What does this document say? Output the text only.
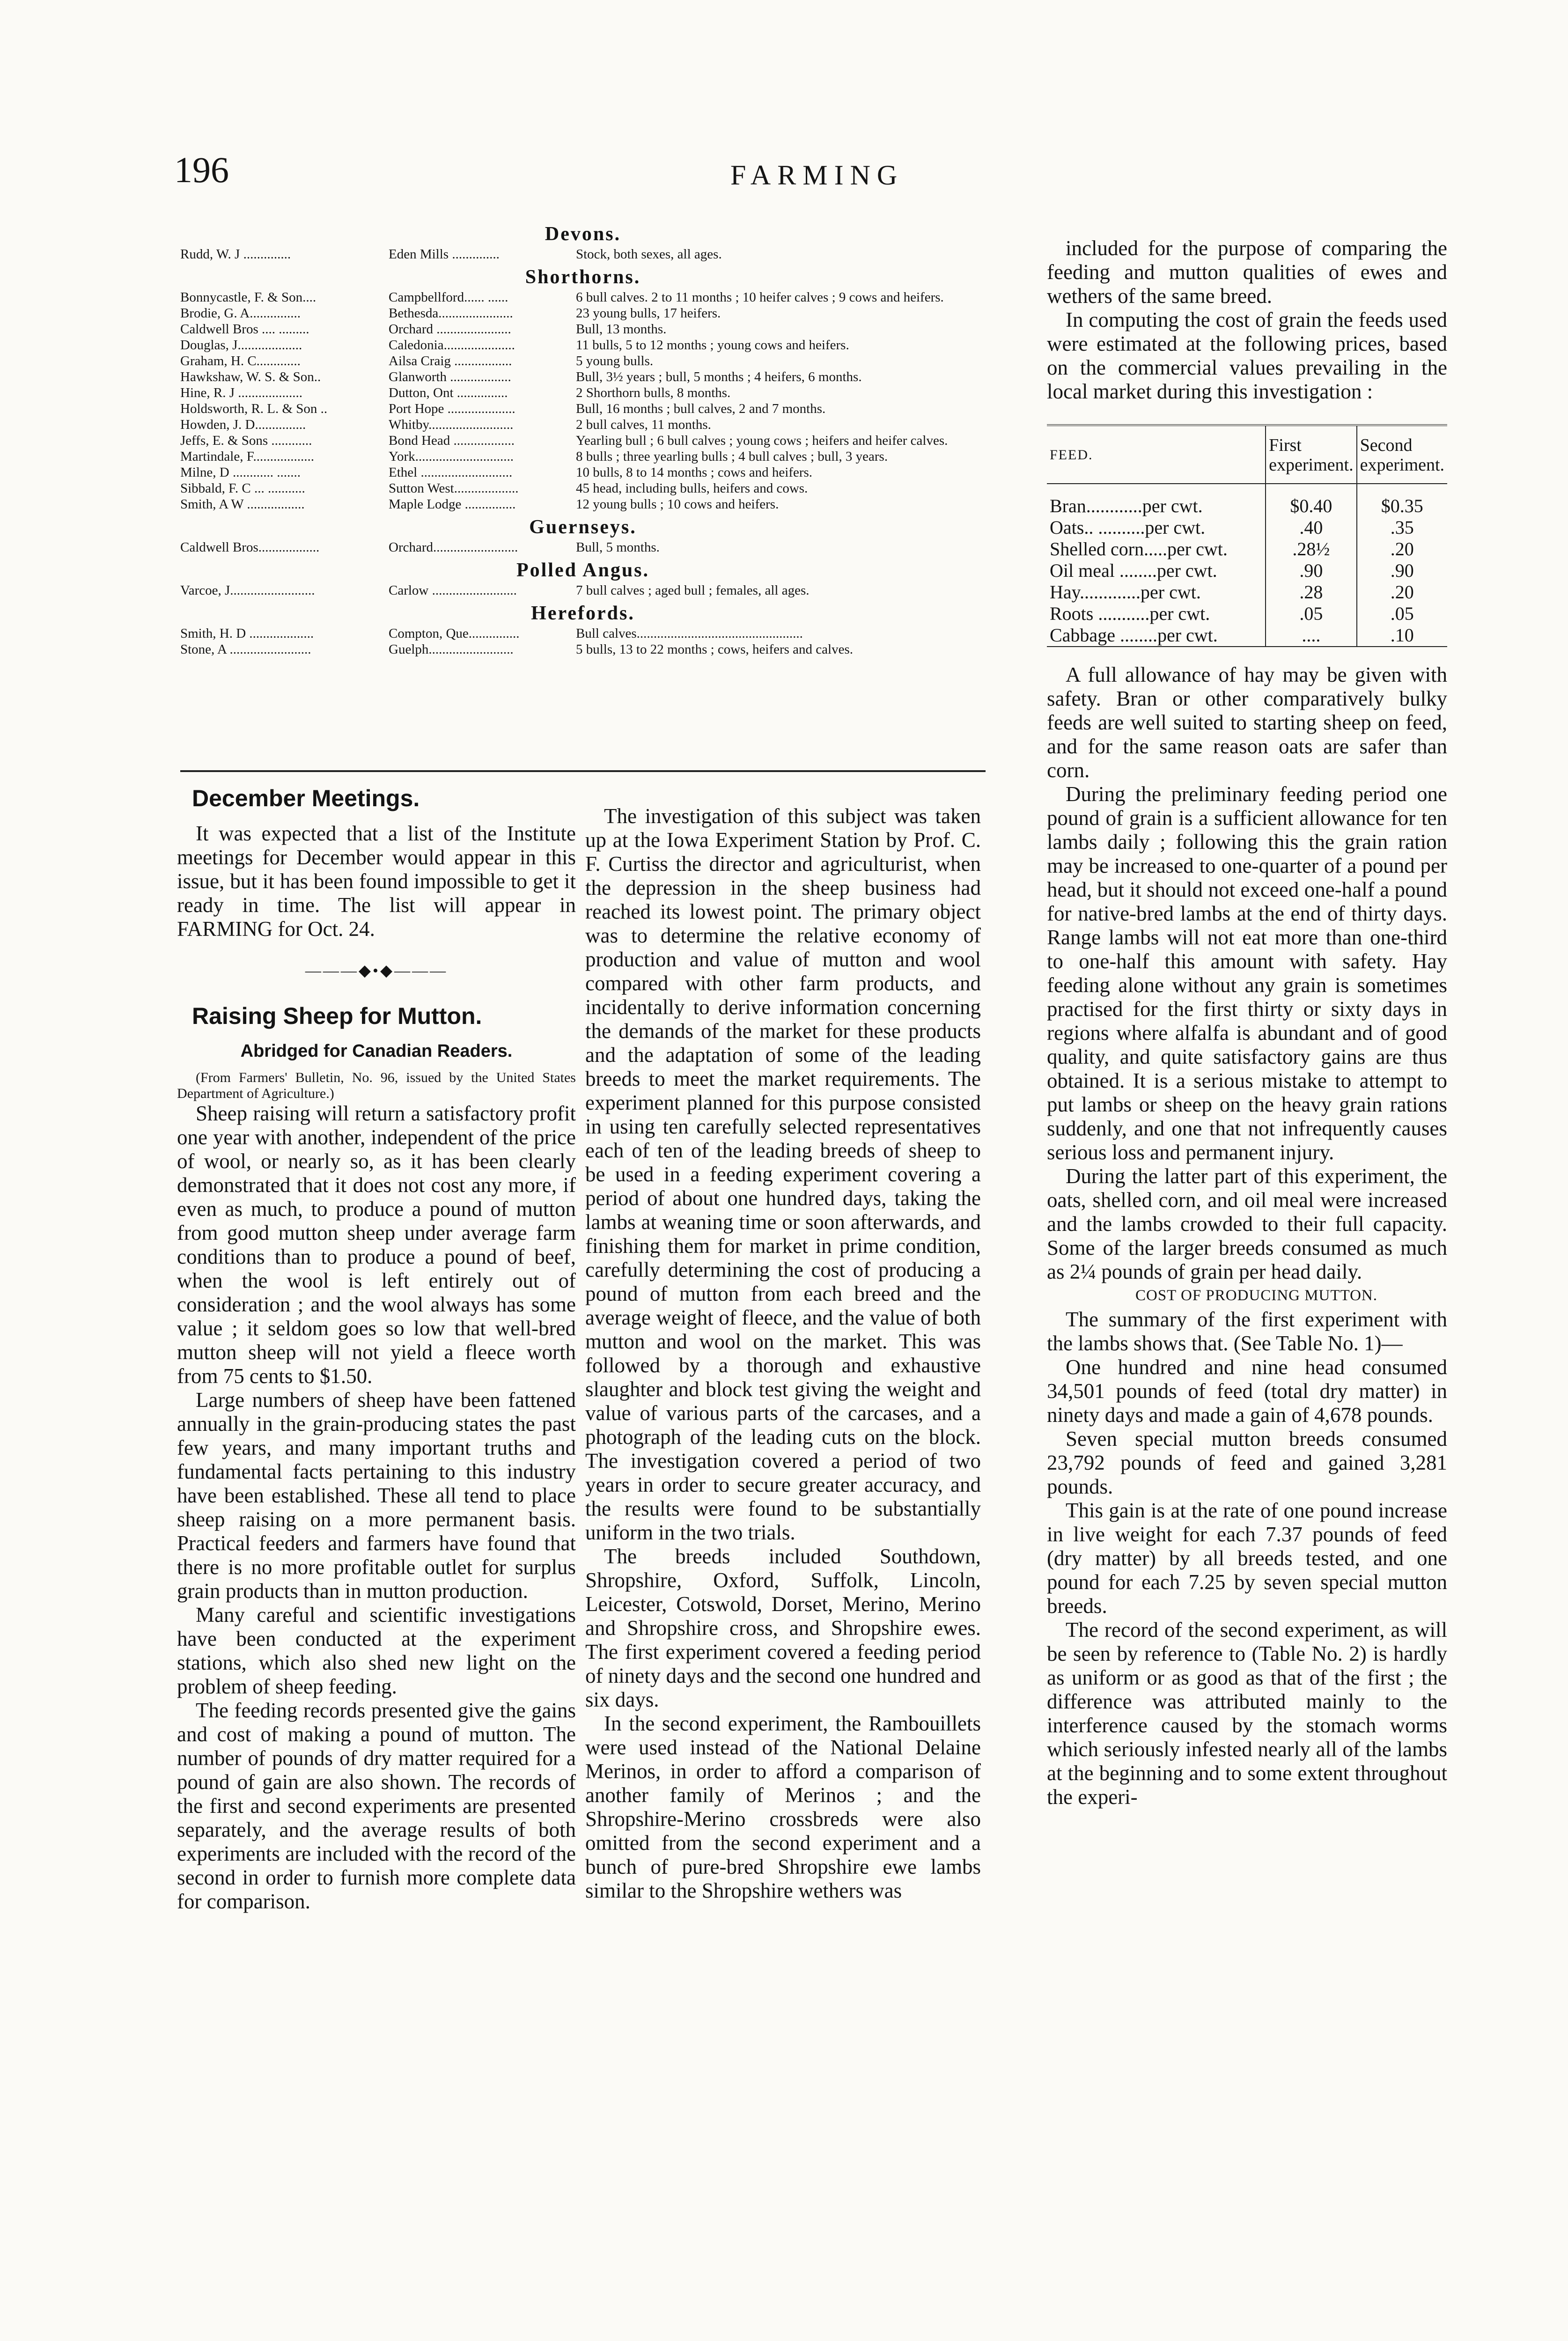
196	FARMING
Devons.
Rudd, W. J ..............	Eden Mills ..............	Stock, both sexes, all ages.
Shorthorns.
Bonnycastle, F. & Son....	Campbellford...... ......	6 bull calves. 2 to 11 months ; 10 heifer calves ; 9 cows and heifers.
Brodie, G. A...............	Bethesda......................	23 young bulls, 17 heifers.
Caldwell Bros .... .........	Orchard ......................	Bull, 13 months.
Douglas, J...................	Caledonia.....................	11 bulls, 5 to 12 months ; young cows and heifers.
Graham, H. C.............	Ailsa Craig .................	5 young bulls.
Hawkshaw, W. S. & Son..	Glanworth ..................	Bull, 3½ years ; bull, 5 months ; 4 heifers, 6 months.
Hine, R. J ...................	Dutton, Ont ...............	2 Shorthorn bulls, 8 months.
Holdsworth, R. L. & Son ..	Port Hope ....................	Bull, 16 months ; bull calves, 2 and 7 months.
Howden, J. D...............	Whitby.........................	2 bull calves, 11 months.
Jeffs, E. & Sons ............	Bond Head ..................	Yearling bull ; 6 bull calves ; young cows ; heifers and heifer calves.
Martindale, F..................	York.............................	8 bulls ; three yearling bulls ; 4 bull calves ; bull, 3 years.
Milne, D ............ .......	Ethel ...........................	10 bulls, 8 to 14 months ; cows and heifers.
Sibbald, F. C ... ...........	Sutton West...................	45 head, including bulls, heifers and cows.
Smith, A W .................	Maple Lodge ...............	12 young bulls ; 10 cows and heifers.
Guernseys.
Caldwell Bros..................	Orchard.........................	Bull, 5 months.
Polled Angus.
Varcoe, J.........................	Carlow .........................	7 bull calves ; aged bull ; females, all ages.
Herefords.
Smith, H. D ...................	Compton, Que...............	Bull calves.................................................
Stone, A ........................	Guelph.........................	5 bulls, 13 to 22 months ; cows, heifers and calves.
December Meetings.

It was expected that a list of the Institute meetings for December would appear in this issue, but it has been found impossible to get it ready in time. The list will appear in FARMING for Oct. 24.

———◆•◆———
Raising Sheep for Mutton.
Abridged for Canadian Readers.

(From Farmers' Bulletin, No. 96, issued by the United States Department of Agriculture.)

Sheep raising will return a satisfactory profit one year with another, independent of the price of wool, or nearly so, as it has been clearly demonstrated that it does not cost any more, if even as much, to produce a pound of mutton from good mutton sheep under average farm conditions than to produce a pound of beef, when the wool is left entirely out of consideration ; and the wool always has some value ; it seldom goes so low that well-bred mutton sheep will not yield a fleece worth from 75 cents to $1.50.

Large numbers of sheep have been fattened annually in the grain-producing states the past few years, and many important truths and fundamental facts pertaining to this industry have been established. These all tend to place sheep raising on a more permanent basis. Practical feeders and farmers have found that there is no more profitable outlet for surplus grain products than in mutton production.

Many careful and scientific investigations have been conducted at the experiment stations, which also shed new light on the problem of sheep feeding.

The feeding records presented give the gains and cost of making a pound of mutton. The number of pounds of dry matter required for a pound of gain are also shown. The records of the first and second experiments are presented separately, and the average results of both experiments are included with the record of the second in order to furnish more complete data for comparison.

The investigation of this subject was taken up at the Iowa Experiment Station by Prof. C. F. Curtiss the director and agriculturist, when the depression in the sheep business had reached its lowest point. The primary object was to determine the relative economy of production and value of mutton and wool compared with other farm products, and incidentally to derive information concerning the demands of the market for these products and the adaptation of some of the leading breeds to meet the market requirements. The experiment planned for this purpose consisted in using ten carefully selected representatives each of ten of the leading breeds of sheep to be used in a feeding experiment covering a period of about one hundred days, taking the lambs at weaning time or soon afterwards, and finishing them for market in prime condition, carefully determining the cost of producing a pound of mutton from each breed and the average weight of fleece, and the value of both mutton and wool on the market. This was followed by a thorough and exhaustive slaughter and block test giving the weight and value of various parts of the carcases, and a photograph of the leading cuts on the block. The investigation covered a period of two years in order to secure greater accuracy, and the results were found to be substantially uniform in the two trials.

The breeds included Southdown, Shropshire, Oxford, Suffolk, Lincoln, Leicester, Cotswold, Dorset, Merino, Merino and Shropshire cross, and Shropshire ewes. The first experiment covered a feeding period of ninety days and the second one hundred and six days.

In the second experiment, the Rambouillets were used instead of the National Delaine Merinos, in order to afford a comparison of another family of Merinos ; and the Shropshire-Merino crossbreds were also omitted from the second experiment and a bunch of pure-bred Shropshire ewe lambs similar to the Shropshire wethers was

included for the purpose of comparing the feeding and mutton qualities of ewes and wethers of the same breed.

In computing the cost of grain the feeds used were estimated at the following prices, based on the commercial values prevailing in the local market during this investigation :

FEED.	First experiment.	Second experiment.
Bran............per cwt.	$0.40	$0.35
Oats.. ..........per cwt.	.40	.35
Shelled corn.....per cwt.	.28½	.20
Oil meal ........per cwt.	.90	.90
Hay.............per cwt.	.28	.20
Roots ...........per cwt.	.05	.05
Cabbage ........per cwt.	....	.10

A full allowance of hay may be given with safety. Bran or other comparatively bulky feeds are well suited to starting sheep on feed, and for the same reason oats are safer than corn.

During the preliminary feeding period one pound of grain is a sufficient allowance for ten lambs daily ; following this the grain ration may be increased to one-quarter of a pound per head, but it should not exceed one-half a pound for native-bred lambs at the end of thirty days. Range lambs will not eat more than one-third to one-half this amount with safety. Hay feeding alone without any grain is sometimes practised for the first thirty or sixty days in regions where alfalfa is abundant and of good quality, and quite satisfactory gains are thus obtained. It is a serious mistake to attempt to put lambs or sheep on the heavy grain rations suddenly, and one that not infrequently causes serious loss and permanent injury.

During the latter part of this experiment, the oats, shelled corn, and oil meal were increased and the lambs crowded to their full capacity. Some of the larger breeds consumed as much as 2¼ pounds of grain per head daily.

COST OF PRODUCING MUTTON.

The summary of the first experiment with the lambs shows that. (See Table No. 1)—

One hundred and nine head consumed 34,501 pounds of feed (total dry matter) in ninety days and made a gain of 4,678 pounds.

Seven special mutton breeds consumed 23,792 pounds of feed and gained 3,281 pounds.

This gain is at the rate of one pound increase in live weight for each 7.37 pounds of feed (dry matter) by all breeds tested, and one pound for each 7.25 by seven special mutton breeds.

The record of the second experiment, as will be seen by reference to (Table No. 2) is hardly as uniform or as good as that of the first ; the difference was attributed mainly to the interference caused by the stomach worms which seriously infested nearly all of the lambs at the beginning and to some extent throughout the experi-
